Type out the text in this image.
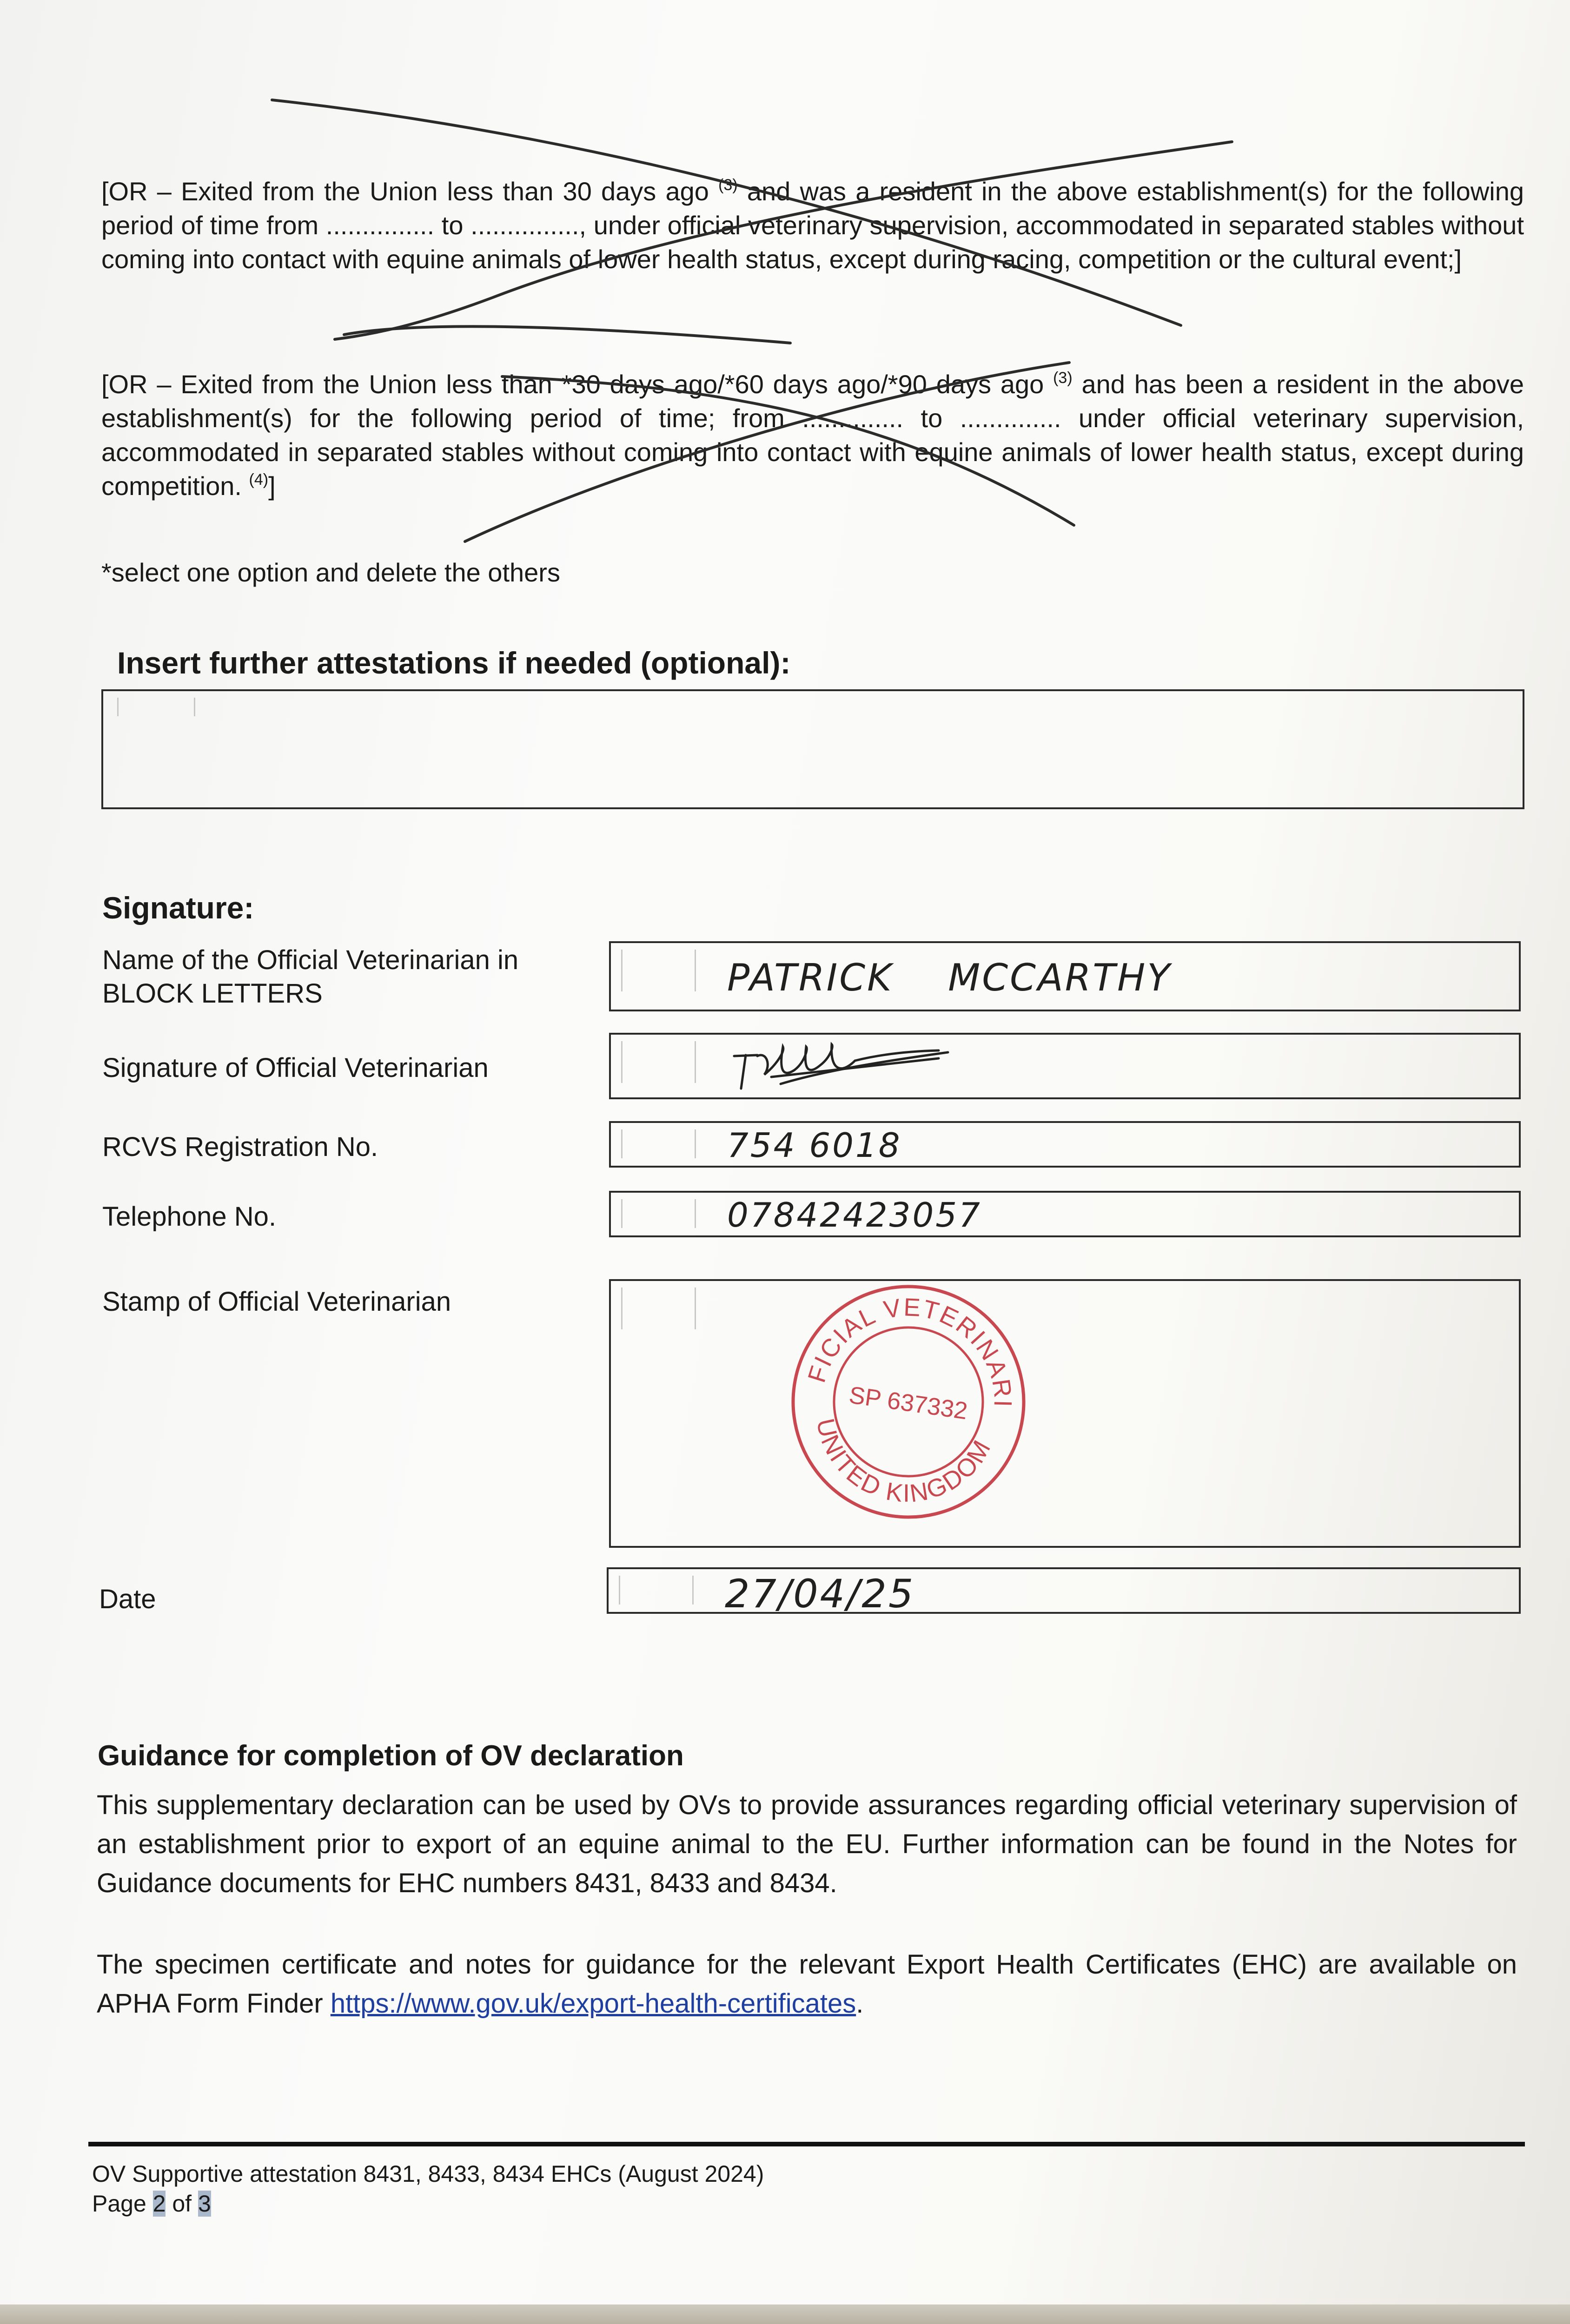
[OR – Exited from the Union less than 30 days ago $^{(3)}$ and was a resident in the above establishment(s) for the following period of time from ............... to ..............., under official veterinary supervision, accommodated in separated stables without coming into contact with equine animals of lower health status, except during racing, competition or the cultural event;]
[OR – Exited from the Union less than *30 days ago/*60 days ago/*90 days ago $^{(3)}$ and has been a resident in the above establishment(s) for the following period of time; from .............. to .............. under official veterinary supervision, accommodated in separated stables without coming into contact with equine animals of lower health status, except during competition. $^{(4)}$]
*select one option and delete the others
Insert further attestations if needed (optional):
Signature:
Name of the Official Veterinarian in
BLOCK LETTERS	PATRICK    MCCARTHY
Signature of Official Veterinarian
RCVS Registration No.	754 6018
Telephone No.	07842423057
Stamp of Official Veterinarian
OFFICIAL VETERINARIAN
UNITED KINGDOM
SP 637332
Date	27/04/25
Guidance for completion of OV declaration
This supplementary declaration can be used by OVs to provide assurances regarding official veterinary supervision of an establishment prior to export of an equine animal to the EU. Further information can be found in the Notes for Guidance documents for EHC numbers 8431, 8433 and 8434.
The specimen certificate and notes for guidance for the relevant Export Health Certificates (EHC) are available on APHA Form Finder https://www.gov.uk/export-health-certificates.
OV Supportive attestation 8431, 8433, 8434 EHCs (August 2024)
Page 2 of 3
